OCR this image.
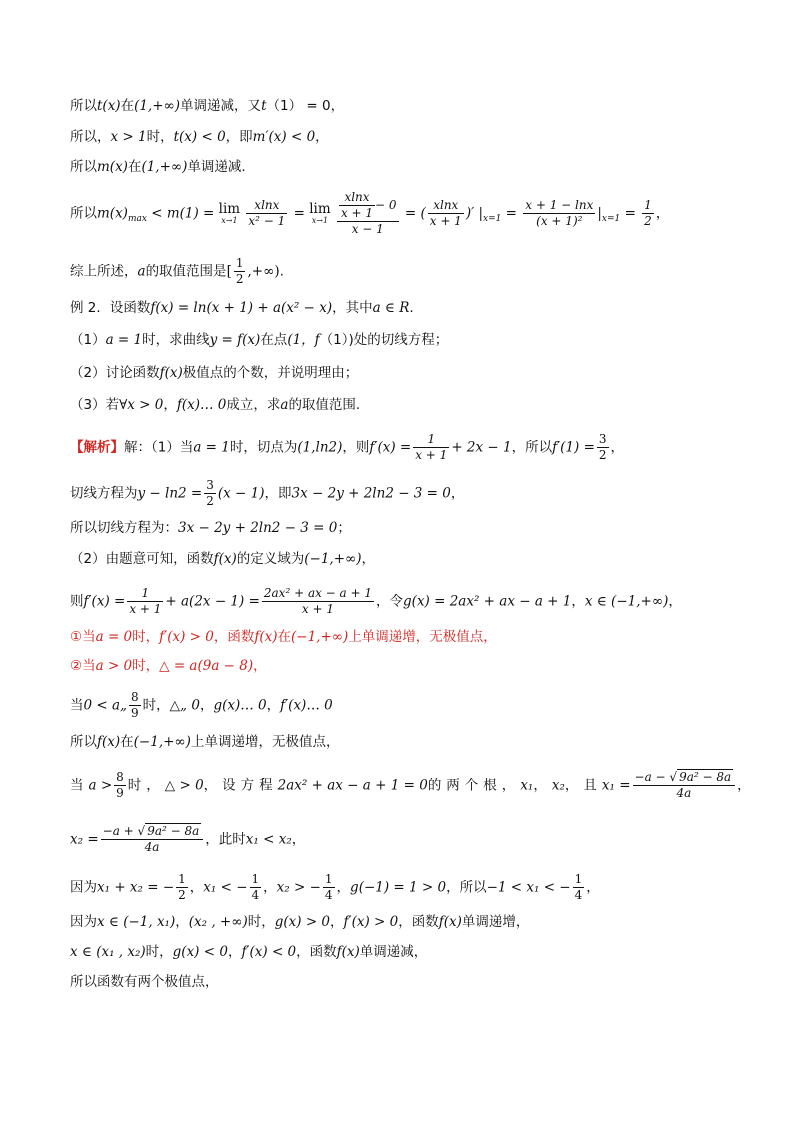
所以t(x)在(1,+∞)单调递减，又t（1） = 0，
所以，x > 1时，t(x) < 0，即m′(x) < 0，
所以m(x)在(1,+∞)单调递减.
所以$m(x)_{max} < m(1) = \lim$
x→1
$\frac{xlnx}{\text{x² − 1}} = \lim$
x→1
$\frac{\frac{xlnx}{x + 1} - 0}{x - 1}$ = ( $\frac{xlnx}{x + 1}$ )′ $|_{x=1} = \frac{x + 1 - \ln x}{\text{(x + 1)²}} |_{x=1} = \frac{1}{2}$ ，
综上所述，a的取值范围是[ $\frac{1}{2}$ ,+∞).
例 2．设函数f(x) = ln(x + 1) + a(x² − x)，其中a ∈ R.
（1）a = 1时，求曲线y = f(x)在点(1，f（1）)处的切线方程；
（2）讨论函数f(x)极值点的个数，并说明理由；
（3）若∀x > 0，f(x)… 0成立，求a的取值范围.
【解析】解：（1）当a = 1时，切点为(1,ln2)，则$f'(x) = \frac{1}{x + 1} + 2x - 1$，所以$f'(1) = \frac{3}{2}$ ，
切线方程为$y - \ln 2 = \frac{3}{2} (x - 1)$，即3x − 2y + 2ln2 − 3 = 0，
所以切线方程为：3x − 2y + 2ln2 − 3 = 0；
（2）由题意可知，函数f(x)的定义域为(−1,+∞)，
则$f'(x) = \frac{1}{x + 1} + a(2x - 1) = \frac{\text{2ax² + ax − a + 1}}{x + 1}$ ，令g(x) = 2ax² + ax − a + 1，x ∈ (−1,+∞)，
①当a = 0时，f′(x) > 0，函数f(x)在(−1,+∞)上单调递增，无极值点，
②当a > 0时，△ = a(9a − 8)，
当0 < a„ $\frac{8}{9}$ 时，△„ 0，g(x)… 0，f′(x)… 0
所以f(x)在(−1,+∞)上单调递增，无极值点，
当$a > \frac{8}{9}$ 时，△ > 0，设方程2ax² + ax − a + 1 = 0的两个根，x₁，x₂，且$x_1 = \frac{\text{−a − √ 9a² − 8a}}{4a}$ ，
$x_2 = \frac{\text{−a + √ 9a² − 8a}}{4a}$ ，此时x₁ < x₂，
因为x₁ + x₂ = − $\frac{1}{2}$ ，x₁ < − $\frac{1}{4}$ ，x₂ > − $\frac{1}{4}$ ，g(−1) = 1 > 0，所以−1 < x₁ < − $\frac{1}{4}$ ，
因为x ∈ (−1, x₁)，(x₂ , +∞)时，g(x) > 0，f′(x) > 0，函数f(x)单调递增，
x ∈ (x₁ , x₂)时，g(x) < 0，f′(x) < 0，函数f(x)单调递减，
所以函数有两个极值点，
